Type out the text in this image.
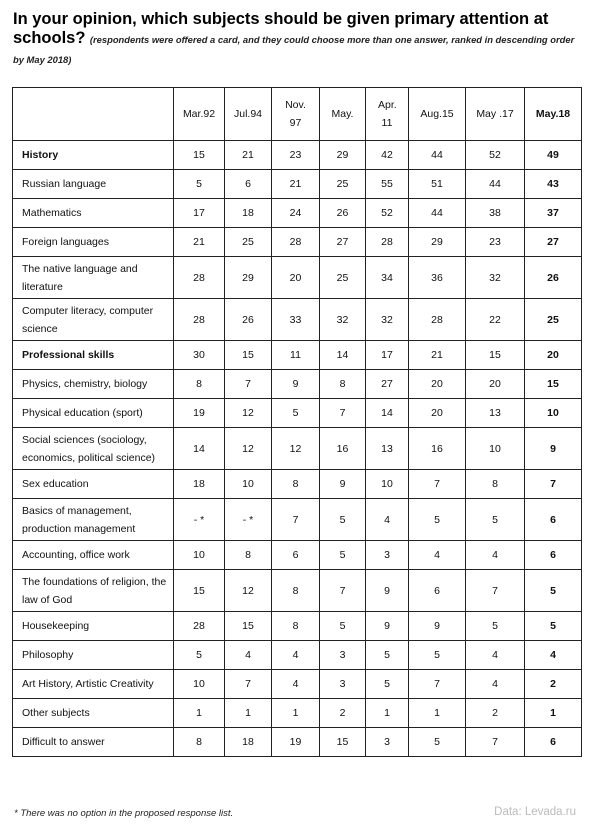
In your opinion, which subjects should be given primary attention at schools? (respondents were offered a card, and they could choose more than one answer, ranked in descending order by May 2018)
	Mar.92	Jul.94	Nov. 97	May.	Apr. 11	Aug.15	May .17	May.18
History	15	21	23	29	42	44	52	49
Russian language	5	6	21	25	55	51	44	43
Mathematics	17	18	24	26	52	44	38	37
Foreign languages	21	25	28	27	28	29	23	27
The native language and literature	28	29	20	25	34	36	32	26
Computer literacy, computer science	28	26	33	32	32	28	22	25
Professional skills	30	15	11	14	17	21	15	20
Physics, chemistry, biology	8	7	9	8	27	20	20	15
Physical education (sport)	19	12	5	7	14	20	13	10
Social sciences (sociology, economics, political science)	14	12	12	16	13	16	10	9
Sex education	18	10	8	9	10	7	8	7
Basics of management, production management	- *	- *	7	5	4	5	5	6
Accounting, office work	10	8	6	5	3	4	4	6
The foundations of religion, the law of God	15	12	8	7	9	6	7	5
Housekeeping	28	15	8	5	9	9	5	5
Philosophy	5	4	4	3	5	5	4	4
Art History, Artistic Creativity	10	7	4	3	5	7	4	2
Other subjects	1	1	1	2	1	1	2	1
Difficult to answer	8	18	19	15	3	5	7	6
* There was no option in the proposed response list.	Data: Levada.ru
